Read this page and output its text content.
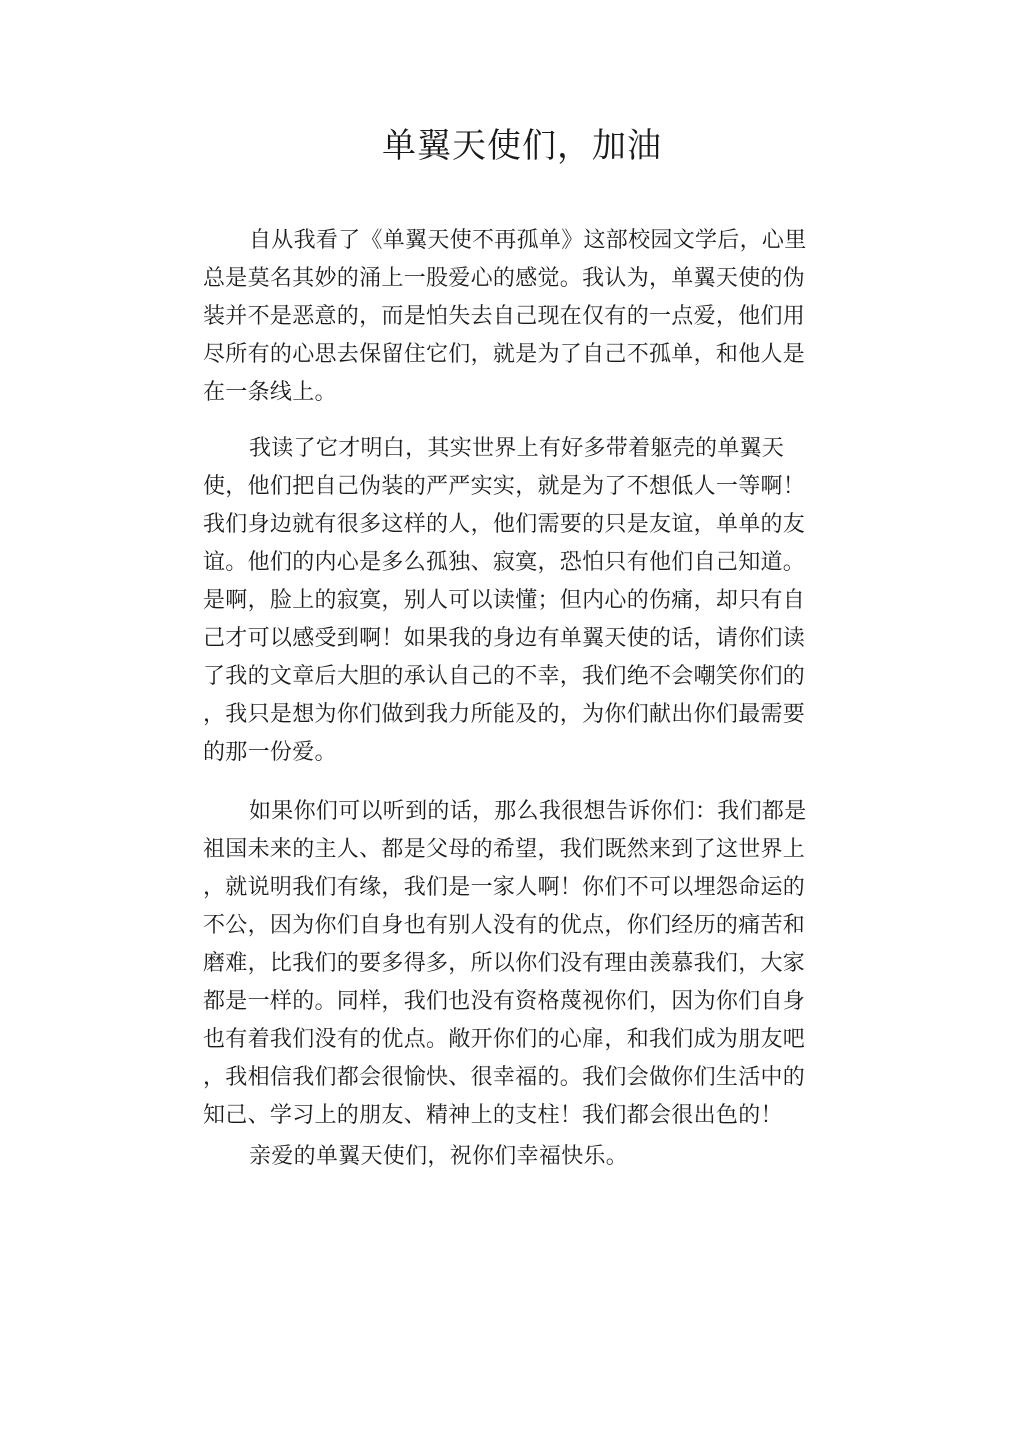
单翼天使们，加油
自从我看了《单翼天使不再孤单》这部校园文学后，心里
总是莫名其妙的涌上一股爱心的感觉。我认为，单翼天使的伪
装并不是恶意的，而是怕失去自己现在仅有的一点爱，他们用
尽所有的心思去保留住它们，就是为了自己不孤单，和他人是
在一条线上。
我读了它才明白，其实世界上有好多带着躯壳的单翼天
使，他们把自己伪装的严严实实，就是为了不想低人一等啊！
我们身边就有很多这样的人，他们需要的只是友谊，单单的友
谊。他们的内心是多么孤独、寂寞，恐怕只有他们自己知道。
是啊，脸上的寂寞，别人可以读懂；但内心的伤痛，却只有自
己才可以感受到啊！如果我的身边有单翼天使的话，请你们读
了我的文章后大胆的承认自己的不幸，我们绝不会嘲笑你们的
，我只是想为你们做到我力所能及的，为你们献出你们最需要
的那一份爱。
如果你们可以听到的话，那么我很想告诉你们：我们都是
祖国未来的主人、都是父母的希望，我们既然来到了这世界上
，就说明我们有缘，我们是一家人啊！你们不可以埋怨命运的
不公，因为你们自身也有别人没有的优点，你们经历的痛苦和
磨难，比我们的要多得多，所以你们没有理由羡慕我们，大家
都是一样的。同样，我们也没有资格蔑视你们，因为你们自身
也有着我们没有的优点。敞开你们的心扉，和我们成为朋友吧
，我相信我们都会很愉快、很幸福的。我们会做你们生活中的
知己、学习上的朋友、精神上的支柱！我们都会很出色的！
亲爱的单翼天使们，祝你们幸福快乐。
